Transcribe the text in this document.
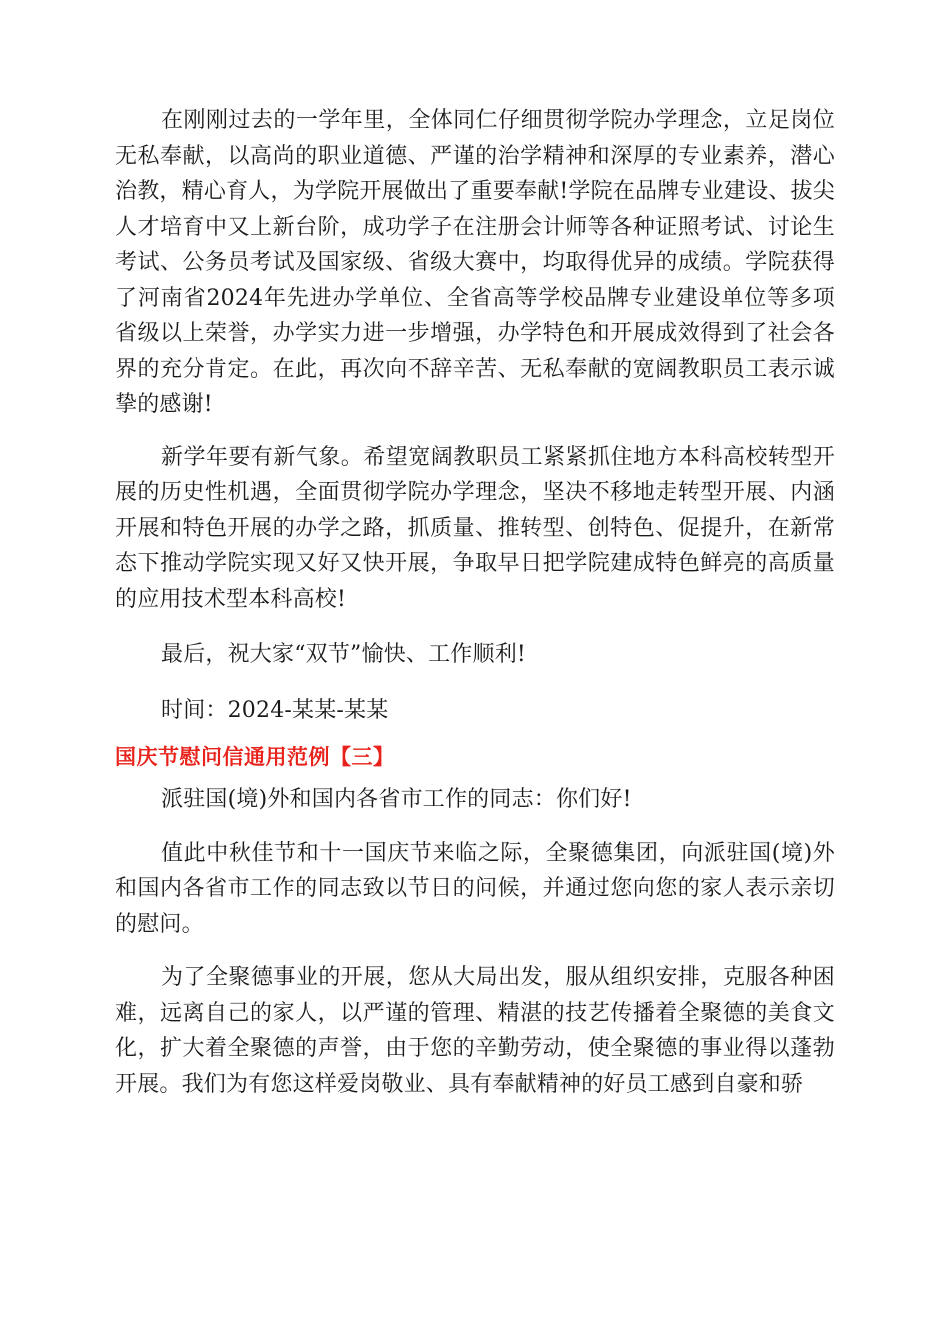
在刚刚过去的一学年里，全体同仁仔细贯彻学院办学理念，立足岗位无私奉献，以高尚的职业道德、严谨的治学精神和深厚的专业素养，潜心治教，精心育人，为学院开展做出了重要奉献!学院在品牌专业建设、拔尖人才培育中又上新台阶，成功学子在注册会计师等各种证照考试、讨论生考试、公务员考试及国家级、省级大赛中，均取得优异的成绩。学院获得了河南省2024年先进办学单位、全省高等学校品牌专业建设单位等多项省级以上荣誉，办学实力进一步增强，办学特色和开展成效得到了社会各界的充分肯定。在此，再次向不辞辛苦、无私奉献的宽阔教职员工表示诚挚的感谢!

新学年要有新气象。希望宽阔教职员工紧紧抓住地方本科高校转型开展的历史性机遇，全面贯彻学院办学理念，坚决不移地走转型开展、内涵开展和特色开展的办学之路，抓质量、推转型、创特色、促提升，在新常态下推动学院实现又好又快开展，争取早日把学院建成特色鲜亮的高质量的应用技术型本科高校!

最后，祝大家“双节”愉快、工作顺利!

时间：2024-某某-某某

国庆节慰问信通用范例【三】

派驻国(境)外和国内各省市工作的同志：你们好!

值此中秋佳节和十一国庆节来临之际，全聚德集团，向派驻国(境)外和国内各省市工作的同志致以节日的问候，并通过您向您的家人表示亲切的慰问。

为了全聚德事业的开展，您从大局出发，服从组织安排，克服各种困难，远离自己的家人，以严谨的管理、精湛的技艺传播着全聚德的美食文化，扩大着全聚德的声誉，由于您的辛勤劳动，使全聚德的事业得以蓬勃开展。我们为有您这样爱岗敬业、具有奉献精神的好员工感到自豪和骄
